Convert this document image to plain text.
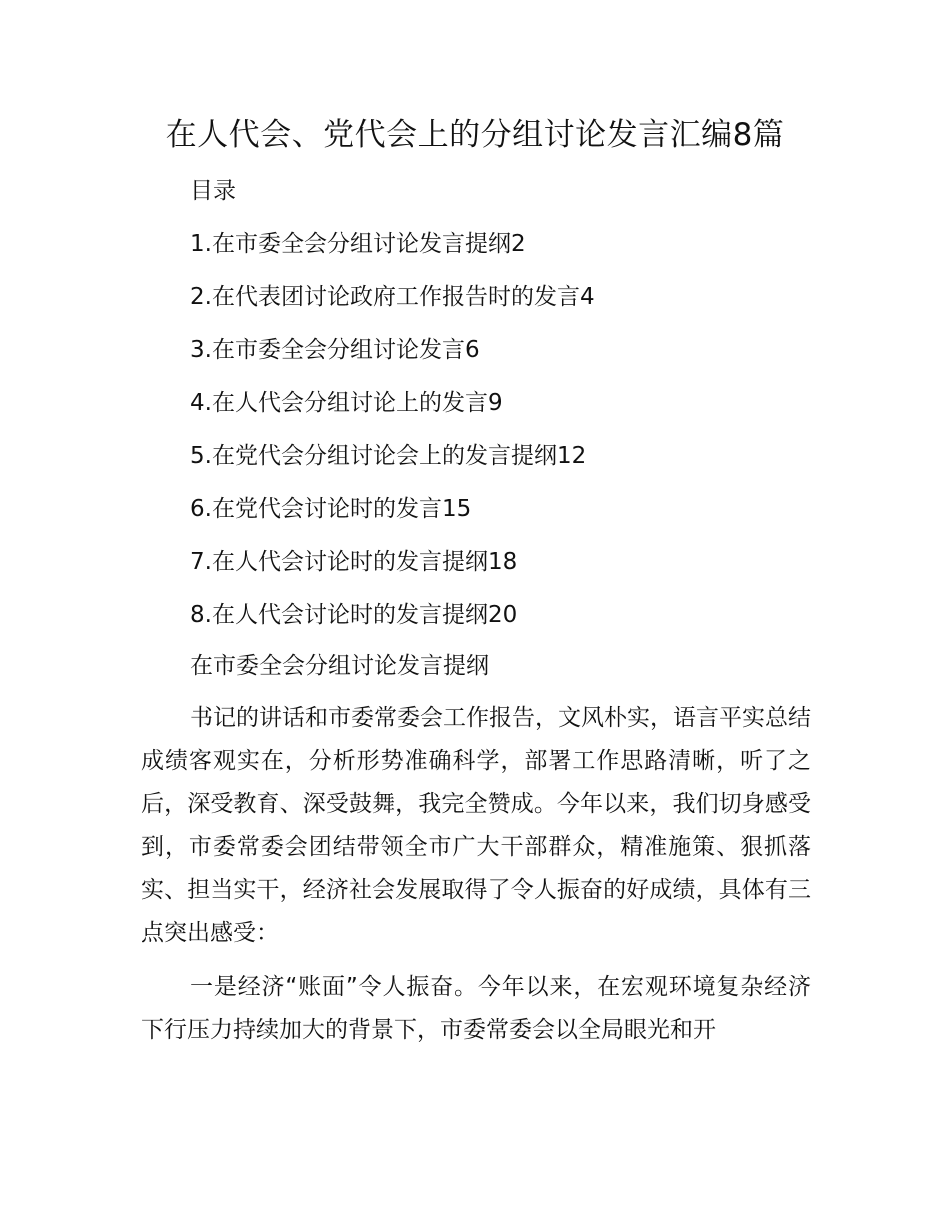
在人代会、党代会上的分组讨论发言汇编8篇
目录
1.在市委全会分组讨论发言提纲2
2.在代表团讨论政府工作报告时的发言4
3.在市委全会分组讨论发言6
4.在人代会分组讨论上的发言9
5.在党代会分组讨论会上的发言提纲12
6.在党代会讨论时的发言15
7.在人代会讨论时的发言提纲18
8.在人代会讨论时的发言提纲20
在市委全会分组讨论发言提纲

书记的讲话和市委常委会工作报告，文风朴实，语言平实总结成绩客观实在，分析形势准确科学，部署工作思路清晰，听了之后，深受教育、深受鼓舞，我完全赞成。今年以来，我们切身感受到，市委常委会团结带领全市广大干部群众，精准施策、狠抓落实、担当实干，经济社会发展取得了令人振奋的好成绩，具体有三点突出感受：

一是经济“账面”令人振奋。今年以来，在宏观环境复杂经济下行压力持续加大的背景下，市委常委会以全局眼光和开
